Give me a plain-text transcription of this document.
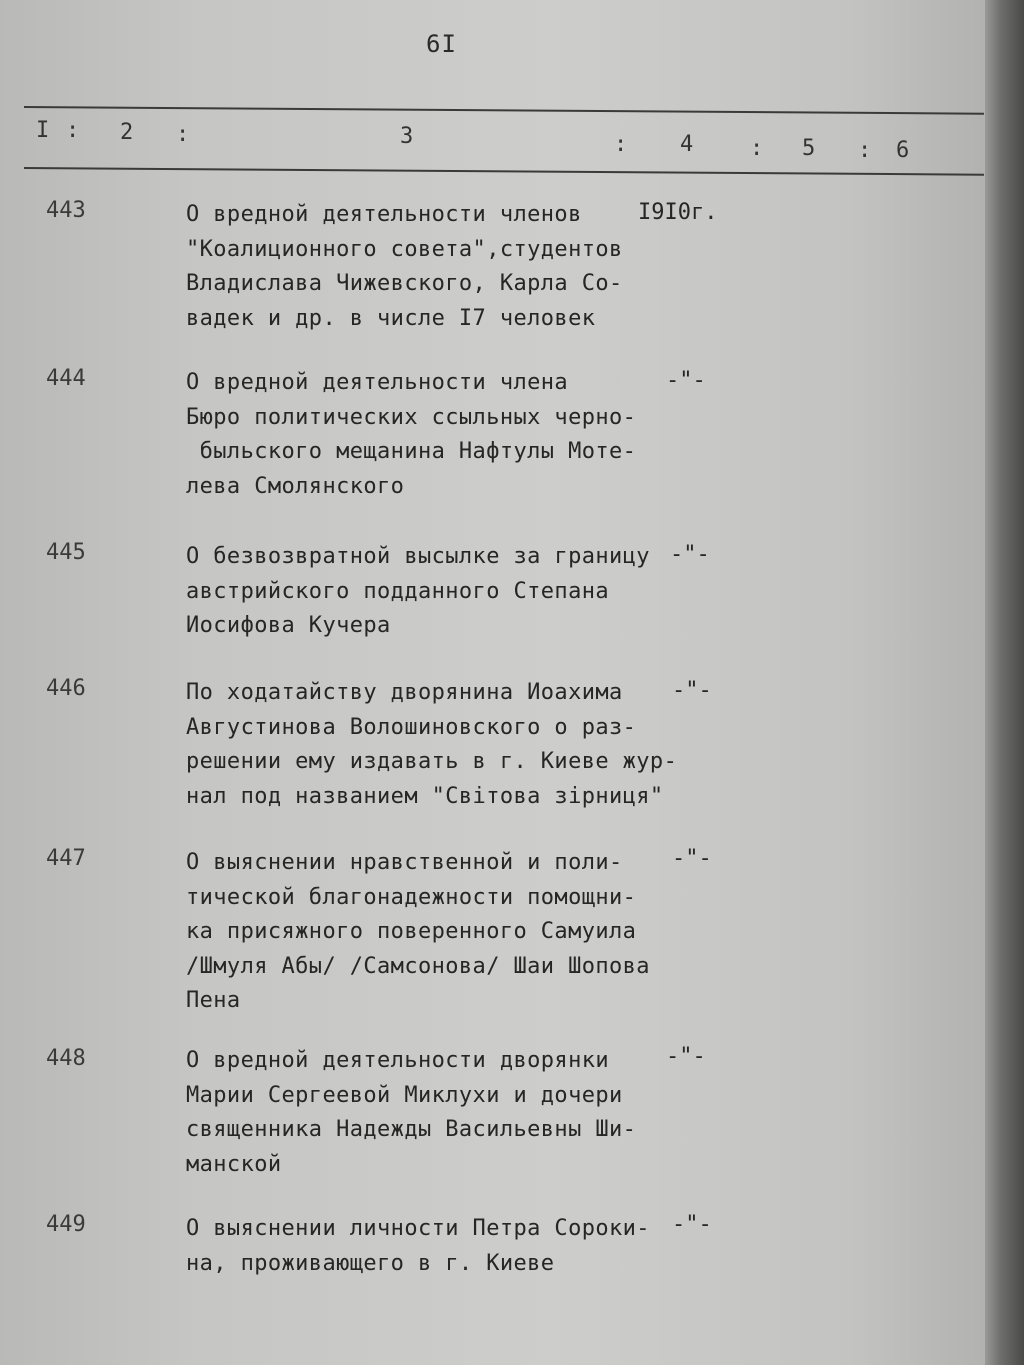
6I
I : 2 :	3	: 4	: 5 : 6
443	О вредной деятельности членов
"Коалиционного совета",студентов
Владислава Чижевского, Карла Со-
вадек и др. в числе I7 человек
I9I0г.
444	О вредной деятельности члена
Бюро политических ссыльных черно-
быльского мещанина Нафтулы Моте-
лева Смолянского
-"-
445	О безвозвратной высылке за границу
австрийского подданного Степана
Иосифова Кучера
-"-
446	По ходатайству дворянина Иоахима
Августинова Волошиновского о раз-
решении ему издавать в г. Киеве жур-
нал под названием "Світова зірниця"
-"-
447	О выяснении нравственной и поли-
тической благонадежности помощни-
ка присяжного поверенного Самуила
/Шмуля Абы/ /Самсонова/ Шаи Шопова
Пена
-"-
448	О вредной деятельности дворянки
Марии Сергеевой Миклухи и дочери
священника Надежды Васильевны Ши-
манской
-"-
449	О выяснении личности Петра Сороки-
на, проживающего в г. Киеве
-"-
